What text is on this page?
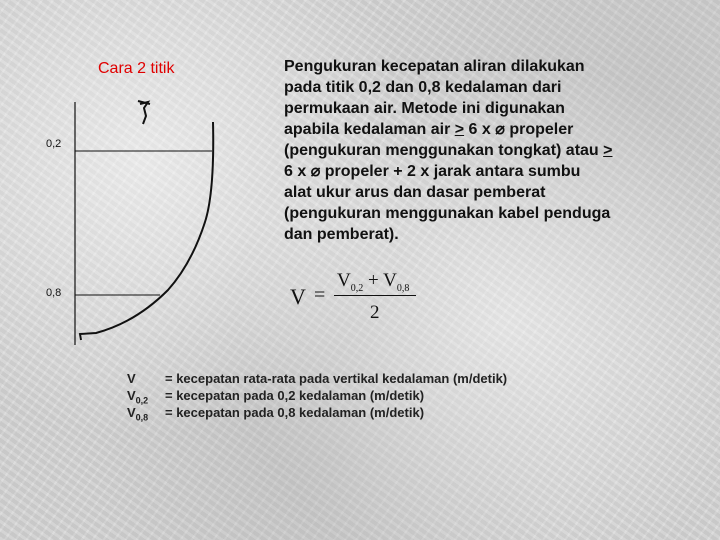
Cara 2 titik	Pengukuran kecepatan aliran dilakukan
pada titik 0,2 dan 0,8 kedalaman dari
permukaan air. Metode ini digunakan
apabila kedalaman air ≥ 6 x ⌀ propeler
(pengukuran menggunakan tongkat) atau >
6 x ⌀ propeler + 2 x jarak antara sumbu
alat ukur arus dan dasar pemberat
(pengukuran menggunakan kabel penduga
dan pemberat).
0,2
0,8	V =
$V_{0,2} + V_{0,8}$
2
V = kecepatan rata-rata pada vertikal kedalaman (m/detik)
$V_{0,2}$ = kecepatan pada 0,2 kedalaman (m/detik)
$V_{0,8}$ = kecepatan pada 0,8 kedalaman (m/detik)
